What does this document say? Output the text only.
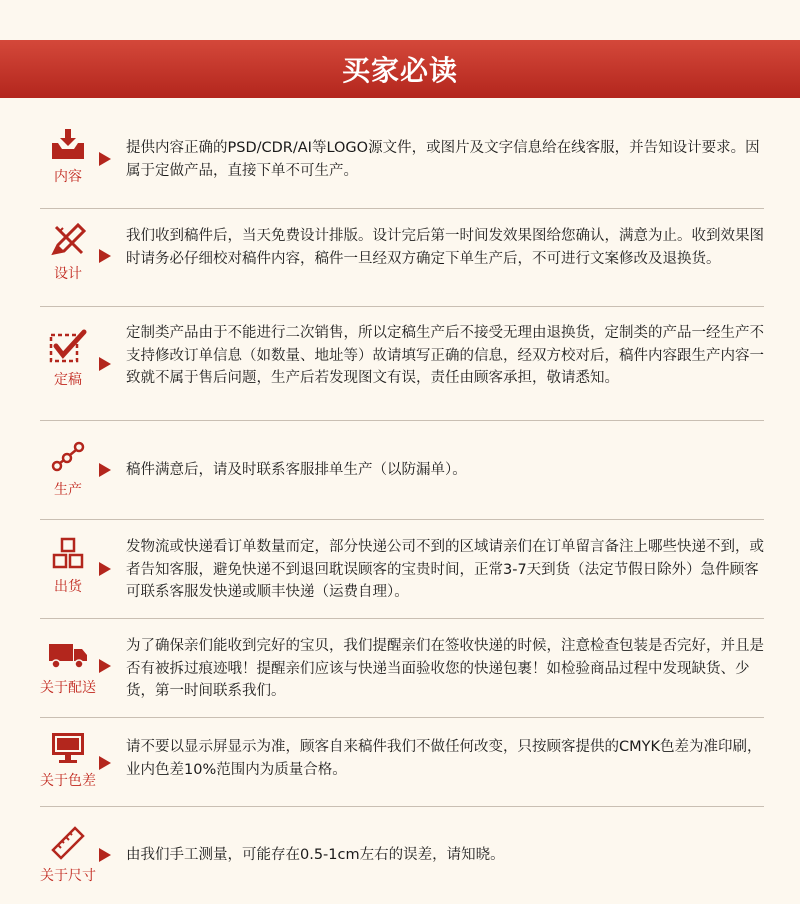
买家必读
内容
提供内容正确的PSD/CDR/AI等LOGO源文件，或图片及文字信息给在线客服，并告知设计要求。因属于定做产品，直接下单不可生产。
设计
我们收到稿件后，当天免费设计排版。设计完后第一时间发效果图给您确认，满意为止。收到效果图时请务必仔细校对稿件内容，稿件一旦经双方确定下单生产后，不可进行文案修改及退换货。
定稿
定制类产品由于不能进行二次销售，所以定稿生产后不接受无理由退换货，定制类的产品一经生产不支持修改订单信息（如数量、地址等）故请填写正确的信息，经双方校对后，稿件内容跟生产内容一致就不属于售后问题，生产后若发现图文有误，责任由顾客承担，敬请悉知。
生产
稿件满意后，请及时联系客服排单生产（以防漏单）。
出货
发物流或快递看订单数量而定，部分快递公司不到的区域请亲们在订单留言备注上哪些快递不到，或者告知客服，避免快递不到退回耽误顾客的宝贵时间，正常3-7天到货（法定节假日除外）急件顾客可联系客服发快递或顺丰快递（运费自理）。
关于配送
为了确保亲们能收到完好的宝贝，我们提醒亲们在签收快递的时候，注意检查包装是否完好，并且是否有被拆过痕迹哦！提醒亲们应该与快递当面验收您的快递包裹！如检验商品过程中发现缺货、少货，第一时间联系我们。
关于色差
请不要以显示屏显示为准，顾客自来稿件我们不做任何改变，只按顾客提供的CMYK色差为准印刷，业内色差10%范围内为质量合格。
关于尺寸
由我们手工测量，可能存在0.5-1cm左右的误差，请知晓。
